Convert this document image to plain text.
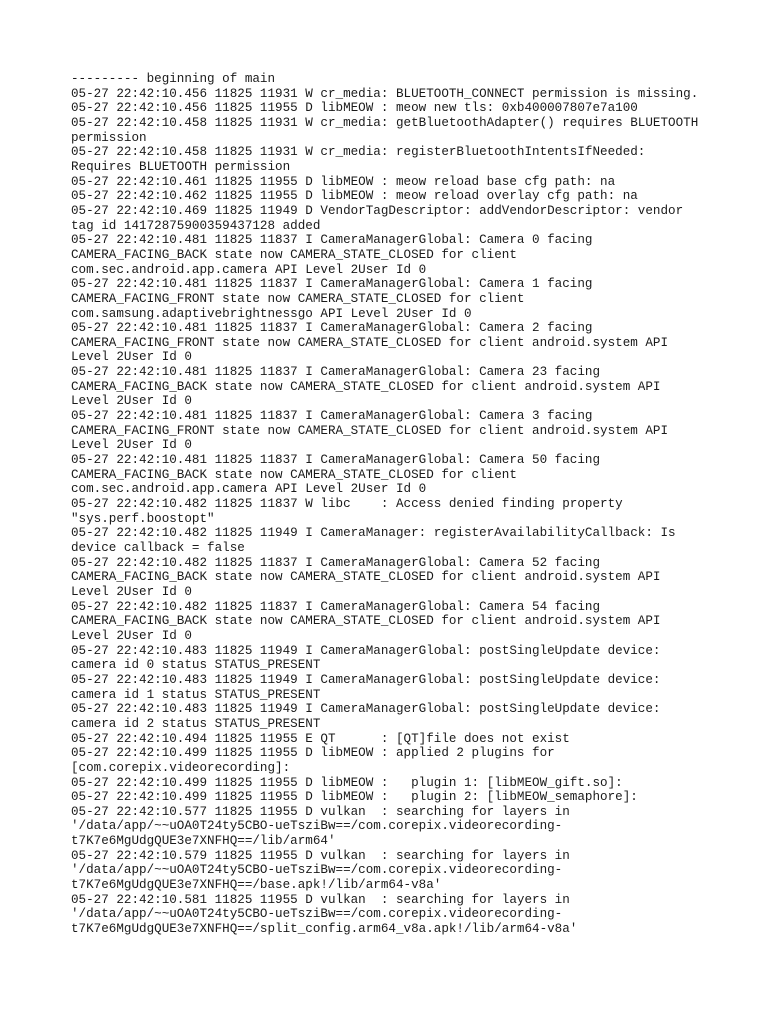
--------- beginning of main
05-27 22:42:10.456 11825 11931 W cr_media: BLUETOOTH_CONNECT permission is missing.
05-27 22:42:10.456 11825 11955 D libMEOW : meow new tls: 0xb400007807e7a100
05-27 22:42:10.458 11825 11931 W cr_media: getBluetoothAdapter() requires BLUETOOTH
permission
05-27 22:42:10.458 11825 11931 W cr_media: registerBluetoothIntentsIfNeeded:
Requires BLUETOOTH permission
05-27 22:42:10.461 11825 11955 D libMEOW : meow reload base cfg path: na
05-27 22:42:10.462 11825 11955 D libMEOW : meow reload overlay cfg path: na
05-27 22:42:10.469 11825 11949 D VendorTagDescriptor: addVendorDescriptor: vendor
tag id 14172875900359437128 added
05-27 22:42:10.481 11825 11837 I CameraManagerGlobal: Camera 0 facing
CAMERA_FACING_BACK state now CAMERA_STATE_CLOSED for client
com.sec.android.app.camera API Level 2User Id 0
05-27 22:42:10.481 11825 11837 I CameraManagerGlobal: Camera 1 facing
CAMERA_FACING_FRONT state now CAMERA_STATE_CLOSED for client
com.samsung.adaptivebrightnessgo API Level 2User Id 0
05-27 22:42:10.481 11825 11837 I CameraManagerGlobal: Camera 2 facing
CAMERA_FACING_FRONT state now CAMERA_STATE_CLOSED for client android.system API
Level 2User Id 0
05-27 22:42:10.481 11825 11837 I CameraManagerGlobal: Camera 23 facing
CAMERA_FACING_BACK state now CAMERA_STATE_CLOSED for client android.system API
Level 2User Id 0
05-27 22:42:10.481 11825 11837 I CameraManagerGlobal: Camera 3 facing
CAMERA_FACING_FRONT state now CAMERA_STATE_CLOSED for client android.system API
Level 2User Id 0
05-27 22:42:10.481 11825 11837 I CameraManagerGlobal: Camera 50 facing
CAMERA_FACING_BACK state now CAMERA_STATE_CLOSED for client
com.sec.android.app.camera API Level 2User Id 0
05-27 22:42:10.482 11825 11837 W libc    : Access denied finding property
"sys.perf.boostopt"
05-27 22:42:10.482 11825 11949 I CameraManager: registerAvailabilityCallback: Is
device callback = false
05-27 22:42:10.482 11825 11837 I CameraManagerGlobal: Camera 52 facing
CAMERA_FACING_BACK state now CAMERA_STATE_CLOSED for client android.system API
Level 2User Id 0
05-27 22:42:10.482 11825 11837 I CameraManagerGlobal: Camera 54 facing
CAMERA_FACING_BACK state now CAMERA_STATE_CLOSED for client android.system API
Level 2User Id 0
05-27 22:42:10.483 11825 11949 I CameraManagerGlobal: postSingleUpdate device:
camera id 0 status STATUS_PRESENT
05-27 22:42:10.483 11825 11949 I CameraManagerGlobal: postSingleUpdate device:
camera id 1 status STATUS_PRESENT
05-27 22:42:10.483 11825 11949 I CameraManagerGlobal: postSingleUpdate device:
camera id 2 status STATUS_PRESENT
05-27 22:42:10.494 11825 11955 E QT      : [QT]file does not exist
05-27 22:42:10.499 11825 11955 D libMEOW : applied 2 plugins for
[com.corepix.videorecording]:
05-27 22:42:10.499 11825 11955 D libMEOW :   plugin 1: [libMEOW_gift.so]:
05-27 22:42:10.499 11825 11955 D libMEOW :   plugin 2: [libMEOW_semaphore]:
05-27 22:42:10.577 11825 11955 D vulkan  : searching for layers in
'/data/app/~~uOA0T24ty5CBO-ueTsziBw==/com.corepix.videorecording-
t7K7e6MgUdgQUE3e7XNFHQ==/lib/arm64'
05-27 22:42:10.579 11825 11955 D vulkan  : searching for layers in
'/data/app/~~uOA0T24ty5CBO-ueTsziBw==/com.corepix.videorecording-
t7K7e6MgUdgQUE3e7XNFHQ==/base.apk!/lib/arm64-v8a'
05-27 22:42:10.581 11825 11955 D vulkan  : searching for layers in
'/data/app/~~uOA0T24ty5CBO-ueTsziBw==/com.corepix.videorecording-
t7K7e6MgUdgQUE3e7XNFHQ==/split_config.arm64_v8a.apk!/lib/arm64-v8a'
